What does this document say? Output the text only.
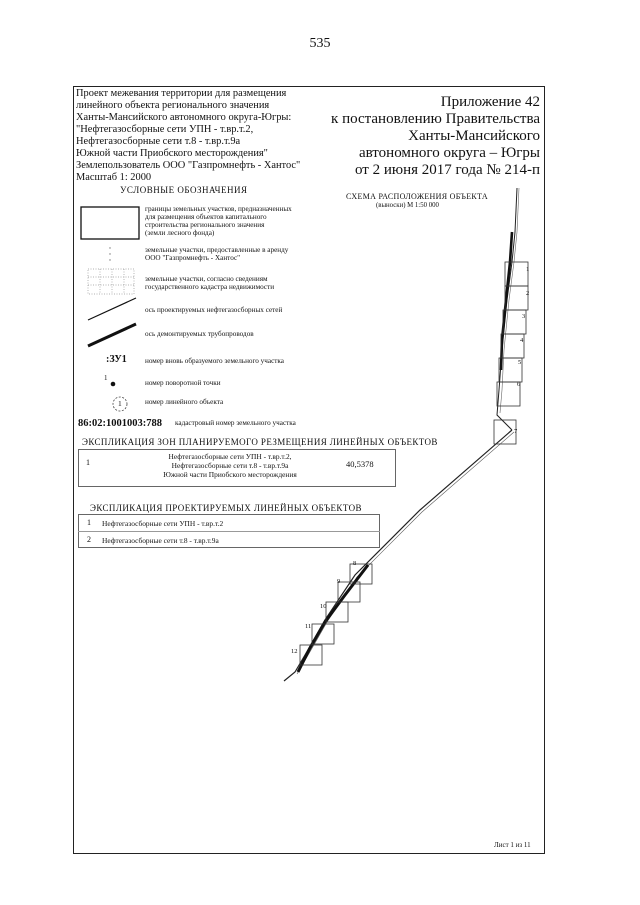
535
Проект межевания территории для размещения
линейного объекта регионального значения
Ханты-Мансийского автономного округа-Югры:
"Нефтегазосборные сети УПН - т.вр.т.2,
Нефтегазосборные сети т.8 - т.вр.т.9а
Южной части Приобского месторождения"
Землепользователь ООО "Газпромнефть - Хантос"
Масштаб 1: 2000
Приложение 42
к постановлению Правительства
Ханты-Мансийского
автономного округа – Югры
от 2 июня 2017 года № 214-п
УСЛОВНЫЕ ОБОЗНАЧЕНИЯ
границы земельных участков, предназначенных
для размещения объектов капитального
строительства регионального значения
(земли лесного фонда)
земельные участки, предоставленные в аренду
ООО "Газпромнефть - Хантос"
земельные участки, согласно сведениям
государственного кадастра недвижимости
ось проектируемых нефтегазосборных сетей
ось демонтируемых трубопроводов
:ЗУ1	номер вновь образуемого земельного участка
1
номер поворотной точки
1	номер линейного объекта
86:02:1001003:788 кадастровый номер земельного участка
ЭКСПЛИКАЦИЯ ЗОН ПЛАНИРУЕМОГО РЕЗМЕЩЕНИЯ ЛИНЕЙНЫХ ОБЪЕКТОВ
1
Нефтегазосборные сети УПН - т.вр.т.2,
Нефтегазосборные сети т.8 - т.вр.т.9а
Южной части Приобского месторождения
40,5378
ЭКСПЛИКАЦИЯ ПРОЕКТИРУЕМЫХ ЛИНЕЙНЫХ ОБЪЕКТОВ
1 Нефтегазосборные сети УПН - т.вр.т.2
2 Нефтегазосборные сети т.8 - т.вр.т.9а
СХЕМА РАСПОЛОЖЕНИЯ ОБЪЕКТА
(выноски) М 1:50 000
1
2
3
4
5
6
7
8
9
10
11
12
Лист 1 из 11
